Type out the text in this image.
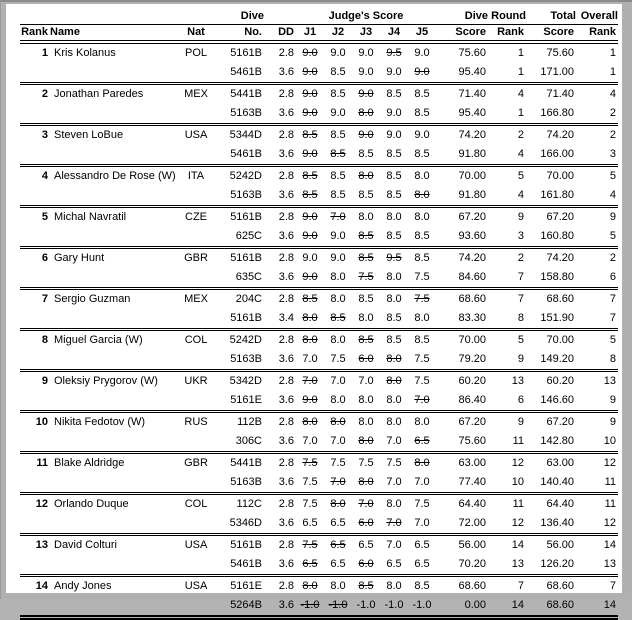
			Dive		Judge's Score					Dive	Round	Total	Overall
Rank	Name	Nat	No.	DD	J1	J2	J3	J4	J5	Score	Rank	Score	Rank
1	Kris Kolanus	POL	5161B	2.8	9.0	9.0	9.0	9.5	9.0	75.60	1	75.60	1
			5461B	3.6	9.0	8.5	9.0	9.0	9.0	95.40	1	171.00	1
2	Jonathan Paredes	MEX	5441B	2.8	9.0	8.5	9.0	8.5	8.5	71.40	4	71.40	4
			5163B	3.6	9.0	9.0	8.0	9.0	8.5	95.40	1	166.80	2
3	Steven LoBue	USA	5344D	2.8	8.5	8.5	9.0	9.0	9.0	74.20	2	74.20	2
			5461B	3.6	9.0	8.5	8.5	8.5	8.5	91.80	4	166.00	3
4	Alessandro De Rose (W)	ITA	5242D	2.8	8.5	8.5	8.0	8.5	8.0	70.00	5	70.00	5
			5163B	3.6	8.5	8.5	8.5	8.5	8.0	91.80	4	161.80	4
5	Michal Navratil	CZE	5161B	2.8	9.0	7.0	8.0	8.0	8.0	67.20	9	67.20	9
			625C	3.6	9.0	9.0	8.5	8.5	8.5	93.60	3	160.80	5
6	Gary Hunt	GBR	5161B	2.8	9.0	9.0	8.5	9.5	8.5	74.20	2	74.20	2
			635C	3.6	9.0	8.0	7.5	8.0	7.5	84.60	7	158.80	6
7	Sergio Guzman	MEX	204C	2.8	8.5	8.0	8.5	8.0	7.5	68.60	7	68.60	7
			5161B	3.4	8.0	8.5	8.0	8.5	8.0	83.30	8	151.90	7
8	Miguel Garcia (W)	COL	5242D	2.8	8.0	8.0	8.5	8.5	8.5	70.00	5	70.00	5
			5163B	3.6	7.0	7.5	6.0	8.0	7.5	79.20	9	149.20	8
9	Oleksiy Prygorov (W)	UKR	5342D	2.8	7.0	7.0	7.0	8.0	7.5	60.20	13	60.20	13
			5161E	3.6	9.0	8.0	8.0	8.0	7.0	86.40	6	146.60	9
10	Nikita Fedotov (W)	RUS	112B	2.8	8.0	8.0	8.0	8.0	8.0	67.20	9	67.20	9
			306C	3.6	7.0	7.0	8.0	7.0	6.5	75.60	11	142.80	10
11	Blake Aldridge	GBR	5441B	2.8	7.5	7.5	7.5	7.5	8.0	63.00	12	63.00	12
			5163B	3.6	7.5	7.0	8.0	7.0	7.0	77.40	10	140.40	11
12	Orlando Duque	COL	112C	2.8	7.5	8.0	7.0	8.0	7.5	64.40	11	64.40	11
			5346D	3.6	6.5	6.5	6.0	7.0	7.0	72.00	12	136.40	12
13	David Colturi	USA	5161B	2.8	7.5	6.5	6.5	7.0	6.5	56.00	14	56.00	14
			5461B	3.6	6.5	6.5	6.0	6.5	6.5	70.20	13	126.20	13
14	Andy Jones	USA	5161E	2.8	8.0	8.0	8.5	8.0	8.5	68.60	7	68.60	7
			5264B	3.6	-1.0	-1.0	-1.0	-1.0	-1.0	0.00	14	68.60	14
